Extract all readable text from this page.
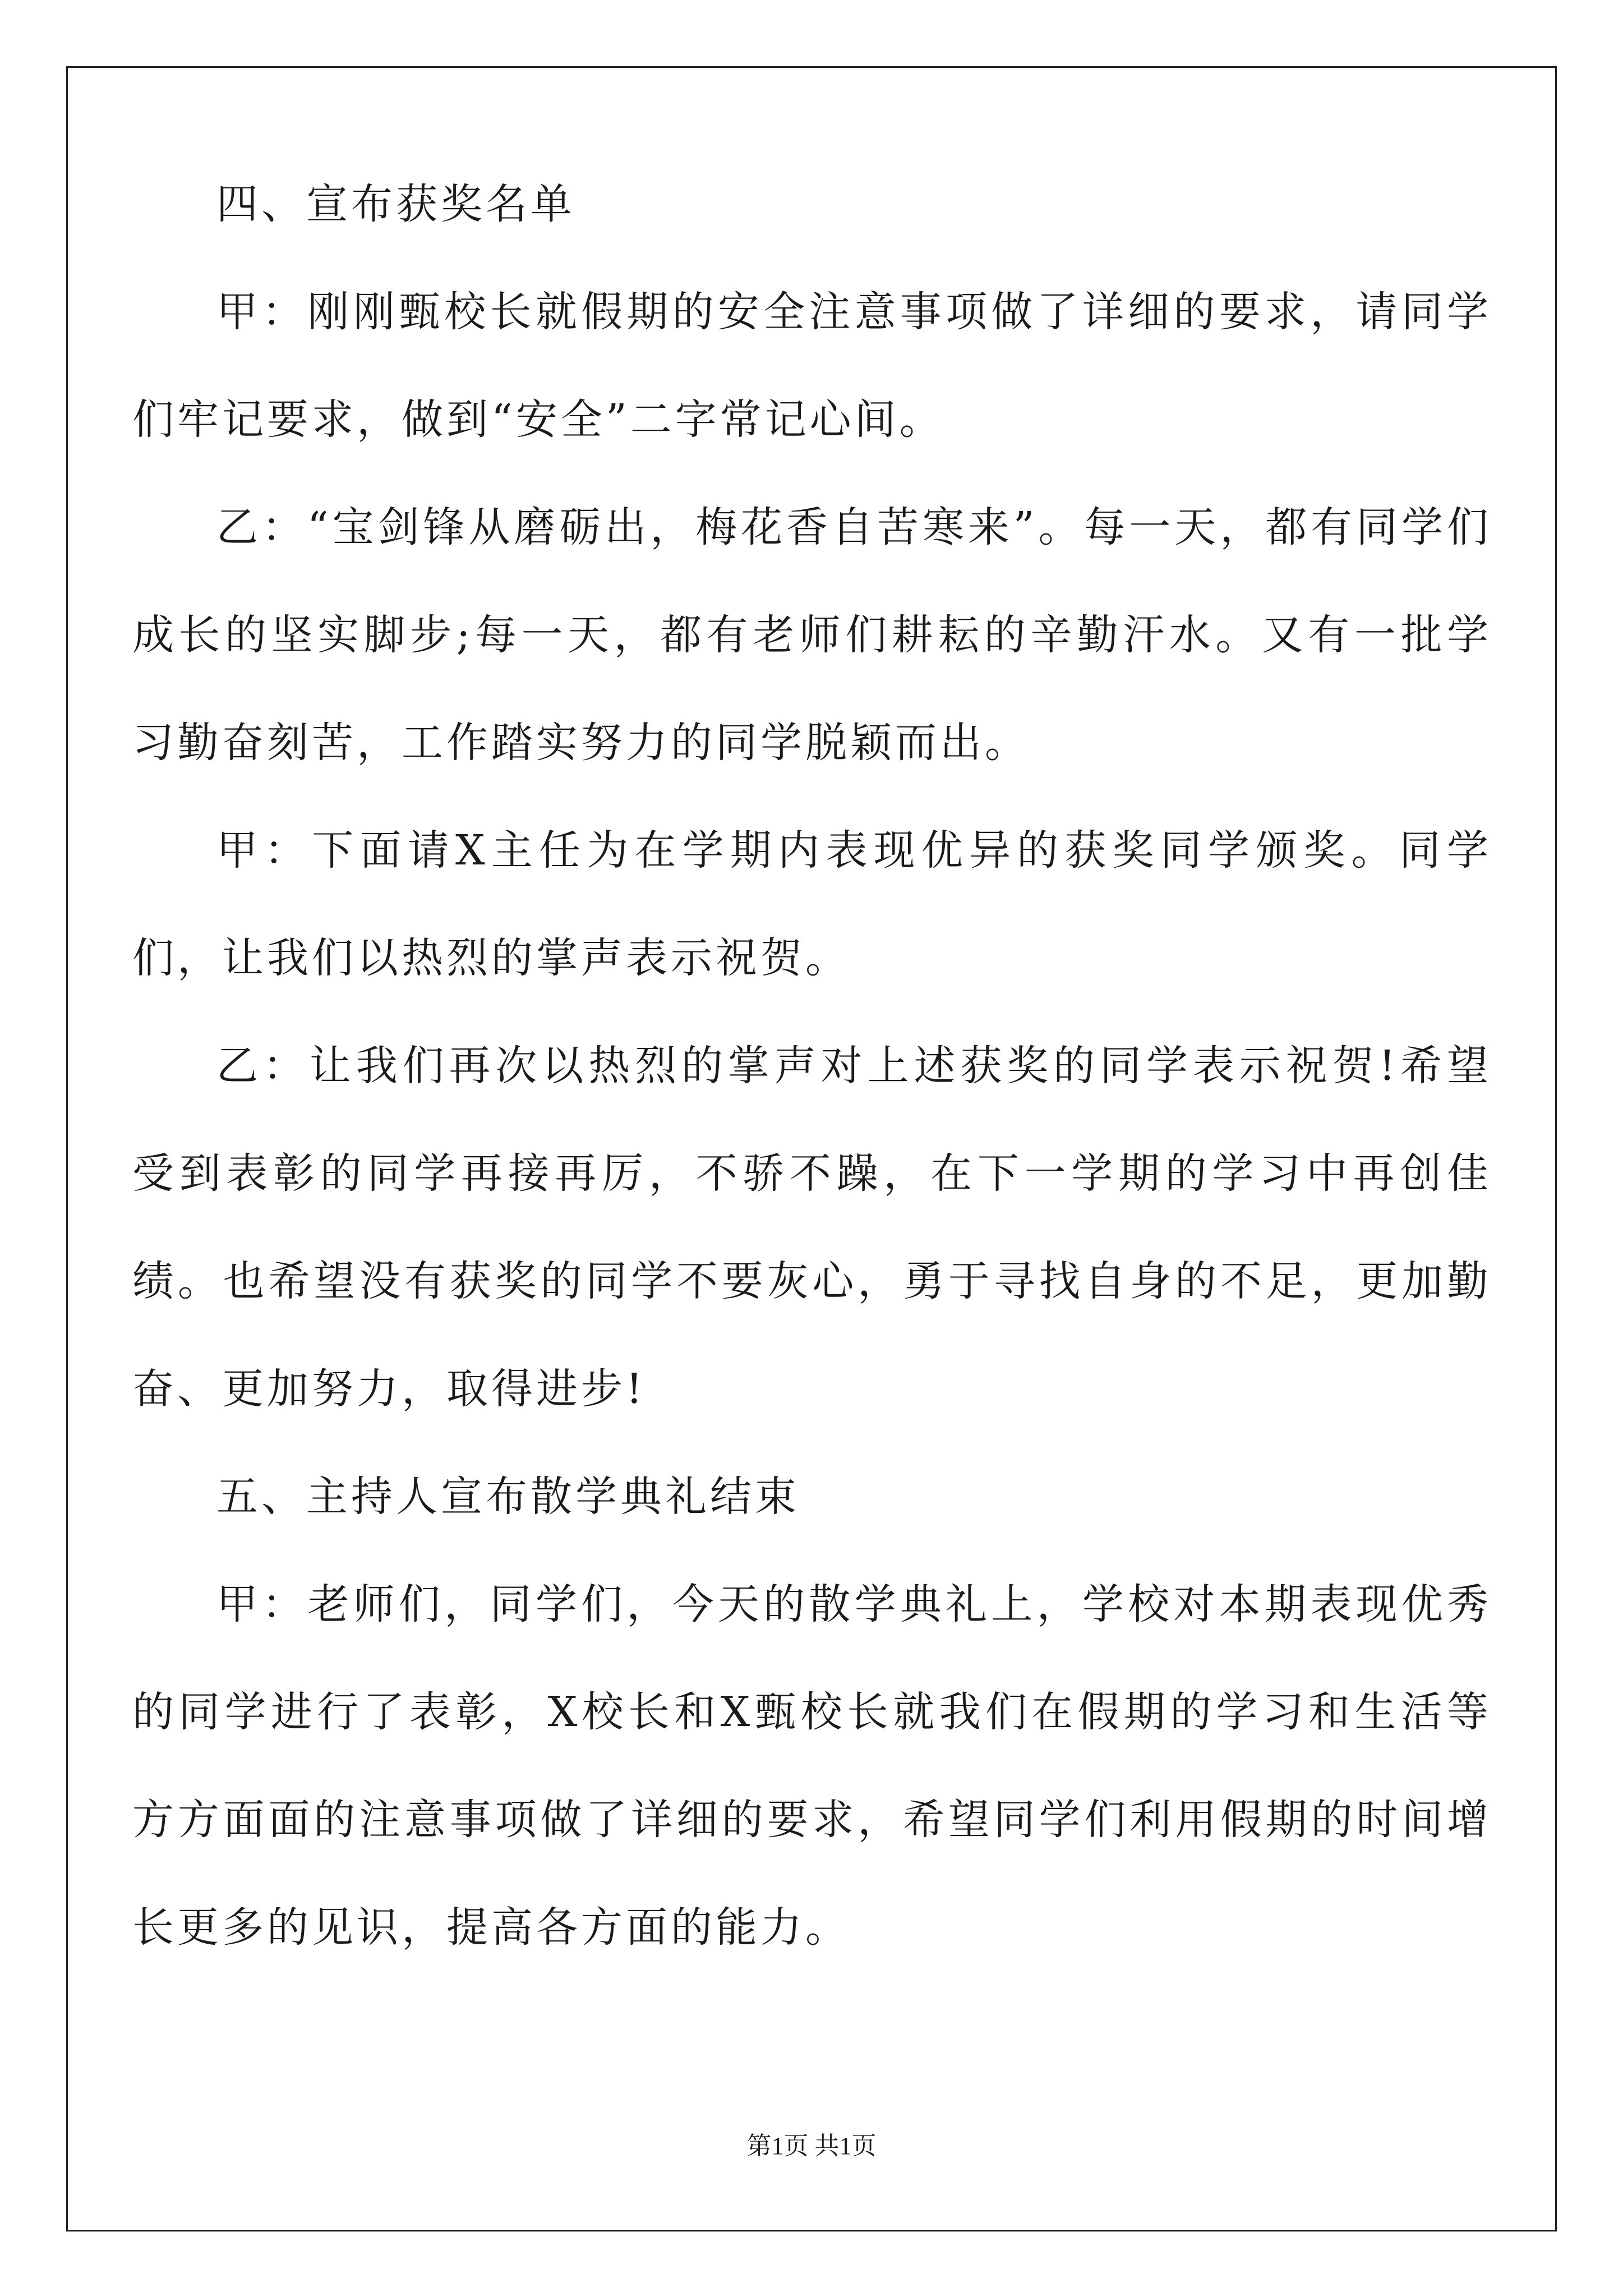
四、宣布获奖名单

甲：刚刚甄校长就假期的安全注意事项做了详细的要求，请同学们牢记要求，做到“安全”二字常记心间。

乙：“宝剑锋从磨砺出，梅花香自苦寒来”。每一天，都有同学们成长的坚实脚步;每一天，都有老师们耕耘的辛勤汗水。又有一批学习勤奋刻苦，工作踏实努力的同学脱颖而出。

甲：下面请X主任为在学期内表现优异的获奖同学颁奖。同学们，让我们以热烈的掌声表示祝贺。

乙：让我们再次以热烈的掌声对上述获奖的同学表示祝贺!希望受到表彰的同学再接再厉，不骄不躁，在下一学期的学习中再创佳绩。也希望没有获奖的同学不要灰心，勇于寻找自身的不足，更加勤奋、更加努力，取得进步!

五、主持人宣布散学典礼结束

甲：老师们，同学们，今天的散学典礼上，学校对本期表现优秀的同学进行了表彰，X校长和X甄校长就我们在假期的学习和生活等方方面面的注意事项做了详细的要求，希望同学们利用假期的时间增长更多的见识，提高各方面的能力。

第1页 共1页
